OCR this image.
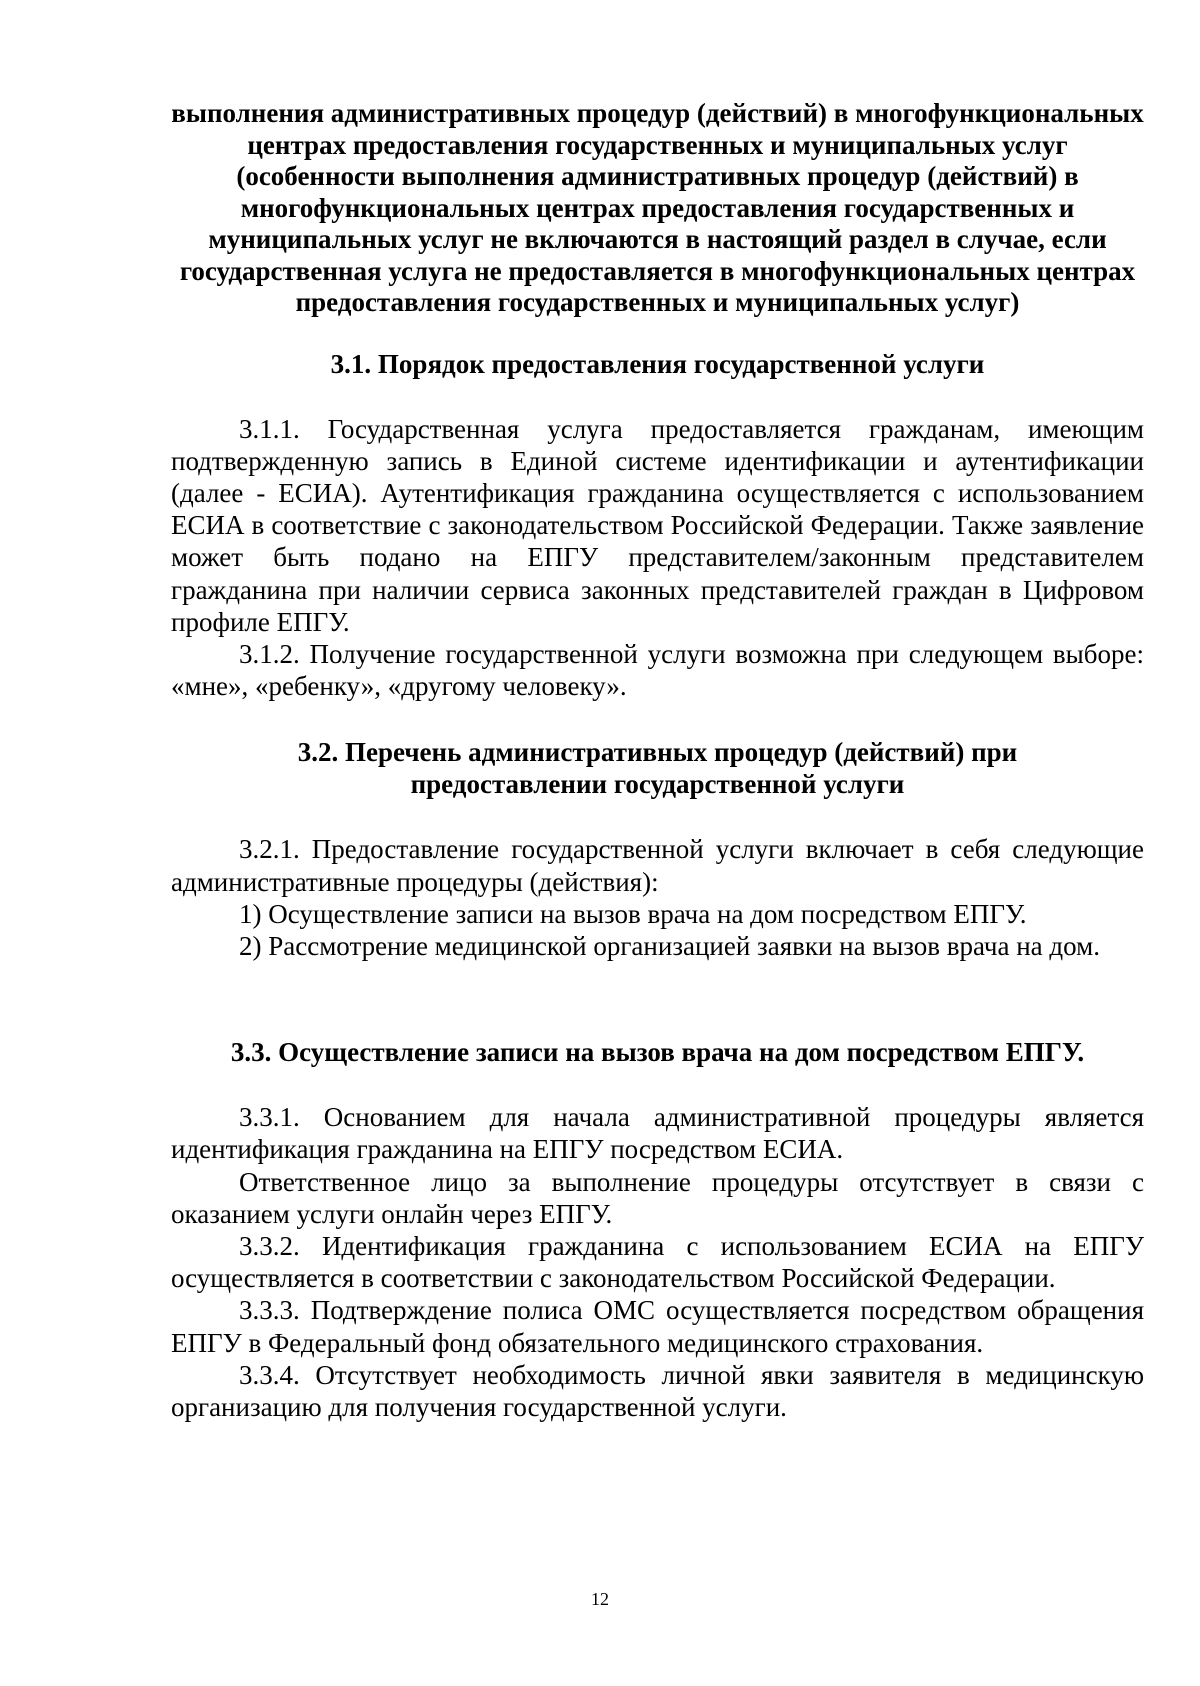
выполнения административных процедур (действий) в многофункциональных центрах предоставления государственных и муниципальных услуг (особенности выполнения административных процедур (действий) в многофункциональных центрах предоставления государственных и муниципальных услуг не включаются в настоящий раздел в случае, если государственная услуга не предоставляется в многофункциональных центрах предоставления государственных и муниципальных услуг)

3.1. Порядок предоставления государственной услуги

3.1.1. Государственная услуга предоставляется гражданам, имеющим подтвержденную запись в Единой системе идентификации и аутентификации (далее - ЕСИА). Аутентификация гражданина осуществляется с использованием ЕСИА в соответствие с законодательством Российской Федерации. Также заявление может быть подано на ЕПГУ представителем/законным представителем гражданина при наличии сервиса законных представителей граждан в Цифровом профиле ЕПГУ.

3.1.2. Получение государственной услуги возможна при следующем выборе: «мне», «ребенку», «другому человеку».

3.2. Перечень административных процедур (действий) при
предоставлении государственной услуги

3.2.1. Предоставление государственной услуги включает в себя следующие административные процедуры (действия):

1) Осуществление записи на вызов врача на дом посредством ЕПГУ.

2) Рассмотрение медицинской организацией заявки на вызов врача на дом.

3.3. Осуществление записи на вызов врача на дом посредством ЕПГУ.

3.3.1. Основанием для начала административной процедуры является идентификация гражданина на ЕПГУ посредством ЕСИА.

Ответственное лицо за выполнение процедуры отсутствует в связи с оказанием услуги онлайн через ЕПГУ.

3.3.2. Идентификация гражданина с использованием ЕСИА на ЕПГУ осуществляется в соответствии с законодательством Российской Федерации.

3.3.3. Подтверждение полиса ОМС осуществляется посредством обращения ЕПГУ в Федеральный фонд обязательного медицинского страхования.

3.3.4. Отсутствует необходимость личной явки заявителя в медицинскую организацию для получения государственной услуги.

12
